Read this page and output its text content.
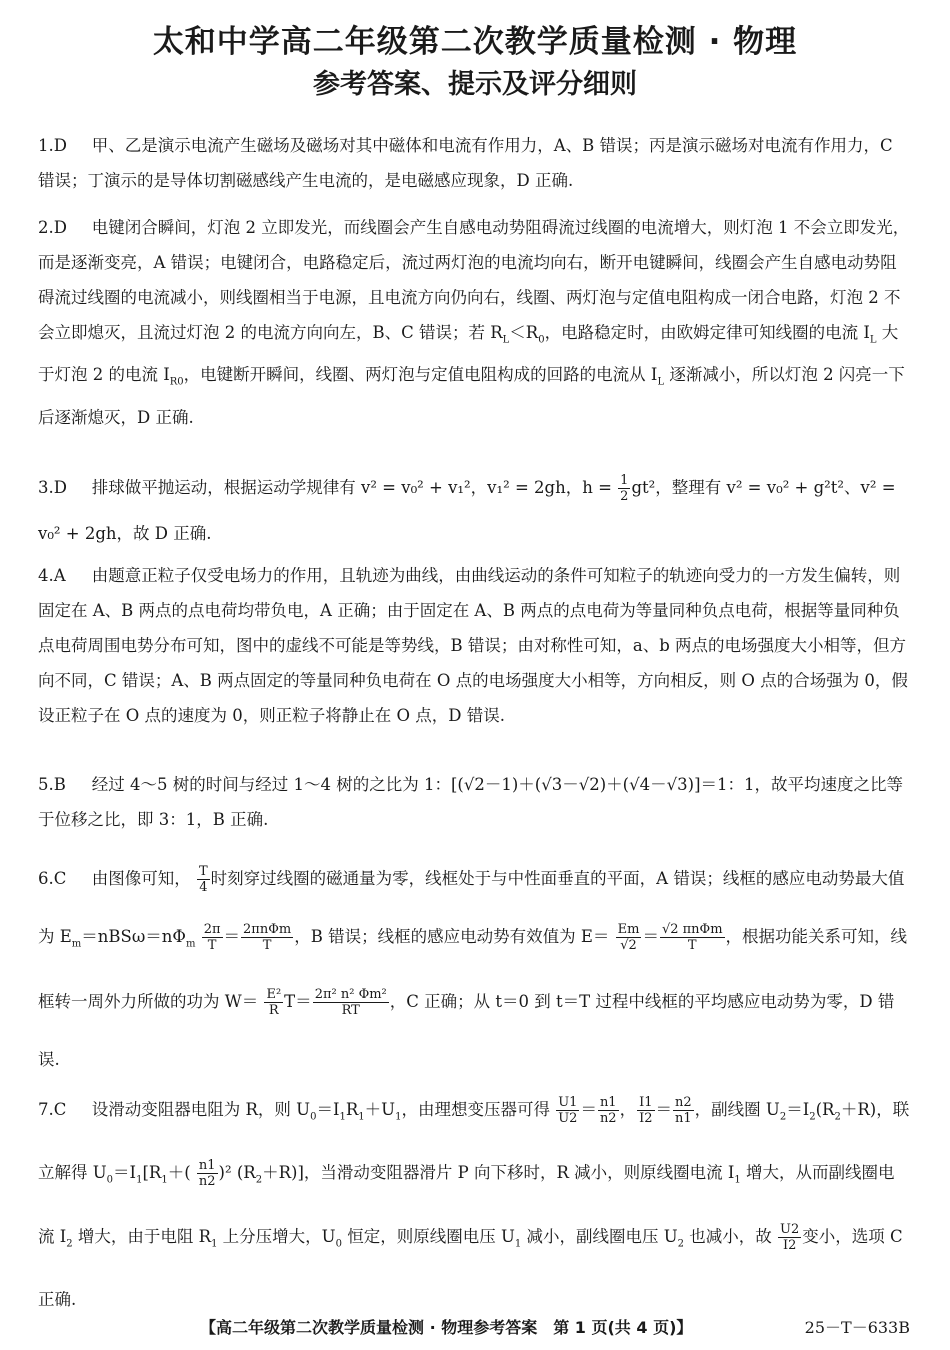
太和中学高二年级第二次教学质量检测 · 物理
参考答案、提示及评分细则
1.D 甲、乙是演示电流产生磁场及磁场对其中磁体和电流有作用力，A、B 错误；丙是演示磁场对电流有作用力，C 错误；丁演示的是导体切割磁感线产生电流的，是电磁感应现象，D 正确.
2.D 电键闭合瞬间，灯泡 2 立即发光，而线圈会产生自感电动势阻碍流过线圈的电流增大，则灯泡 1 不会立即发光，而是逐渐变亮，A 错误；电键闭合，电路稳定后，流过两灯泡的电流均向右，断开电键瞬间，线圈会产生自感电动势阻碍流过线圈的电流减小，则线圈相当于电源，且电流方向仍向右，线圈、两灯泡与定值电阻构成一闭合电路，灯泡 2 不会立即熄灭，且流过灯泡 2 的电流方向向左，B、C 错误；若 $R_L<R_0$，电路稳定时，由欧姆定律可知线圈的电流 $I_L$ 大于灯泡 2 的电流 $I_{R0}$，电键断开瞬间，线圈、两灯泡与定值电阻构成的回路的电流从 $I_L$ 逐渐减小，所以灯泡 2 闪亮一下后逐渐熄灭，D 正确.
3.D 排球做平抛运动，根据运动学规律有 v² = v₀² + v₁²，v₁² = 2gh，$h = \frac{1}{2} gt^2$，整理有 v² = v₀² + g²t²、v² = v₀² + 2gh，故 D 正确.
4.A 由题意正粒子仅受电场力的作用，且轨迹为曲线，由曲线运动的条件可知粒子的轨迹向受力的一方发生偏转，则固定在 A、B 两点的点电荷均带负电，A 正确；由于固定在 A、B 两点的点电荷为等量同种负点电荷，根据等量同种负点电荷周围电势分布可知，图中的虚线不可能是等势线，B 错误；由对称性可知，a、b 两点的电场强度大小相等，但方向不同，C 错误；A、B 两点固定的等量同种负电荷在 O 点的电场强度大小相等，方向相反，则 O 点的合场强为 0，假设正粒子在 O 点的速度为 0，则正粒子将静止在 O 点，D 错误.
5.B 经过 4～5 树的时间与经过 1～4 树的之比为 1：[(√2－1)＋(√3－√2)＋(√4－√3)]＝1：1，故平均速度之比等于位移之比，即 3：1，B 正确.
6.C 由图像可知， $\frac{T}{4}$ 时刻穿过线圈的磁通量为零，线框处于与中性面垂直的平面，A 错误；线框的感应电动势最大值为 $E_m=nBS\omega=n\Phi_m \frac{2\pi}{T} = \frac{\text{2πnΦm}}{T}$ ，B 错误；线框的感应电动势有效值为 $E= \frac{Em}{√2} = \frac{\text{√2 πnΦm}}{T}$ ，根据功能关系可知，线框转一周外力所做的功为 $W= \frac{\text{E²}}{R} T= \frac{\text{2π² n² Φm²}}{RT}$ ，C 正确；从 t＝0 到 t＝T 过程中线框的平均感应电动势为零，D 错误.
7.C 设滑动变阻器电阻为 R，则 $U_0=I_1R_1+U_1$，由理想变压器可得 $\frac{U1}{U2} = \frac{n1}{n2}$ ， $\frac{I1}{I2} = \frac{n2}{n1}$ ，副线圈 $U_2=I_2(R_2+R)$，联立解得 $U_0=I_1[R_1+( \frac{n1}{n2} )^2$ $(R_2+R)$]，当滑动变阻器滑片 P 向下移时，R 减小，则原线圈电流 $I_1$ 增大，从而副线圈电流 $I_2$ 增大，由于电阻 $R_1$ 上分压增大，$U_0$ 恒定，则原线圈电压 $U_1$ 减小，副线圈电压 $U_2$ 也减小，故 $\frac{U2}{I2}$ 变小，选项 C 正确.
【高二年级第二次教学质量检测 · 物理参考答案　第 1 页(共 4 页)】	25－T－633B
